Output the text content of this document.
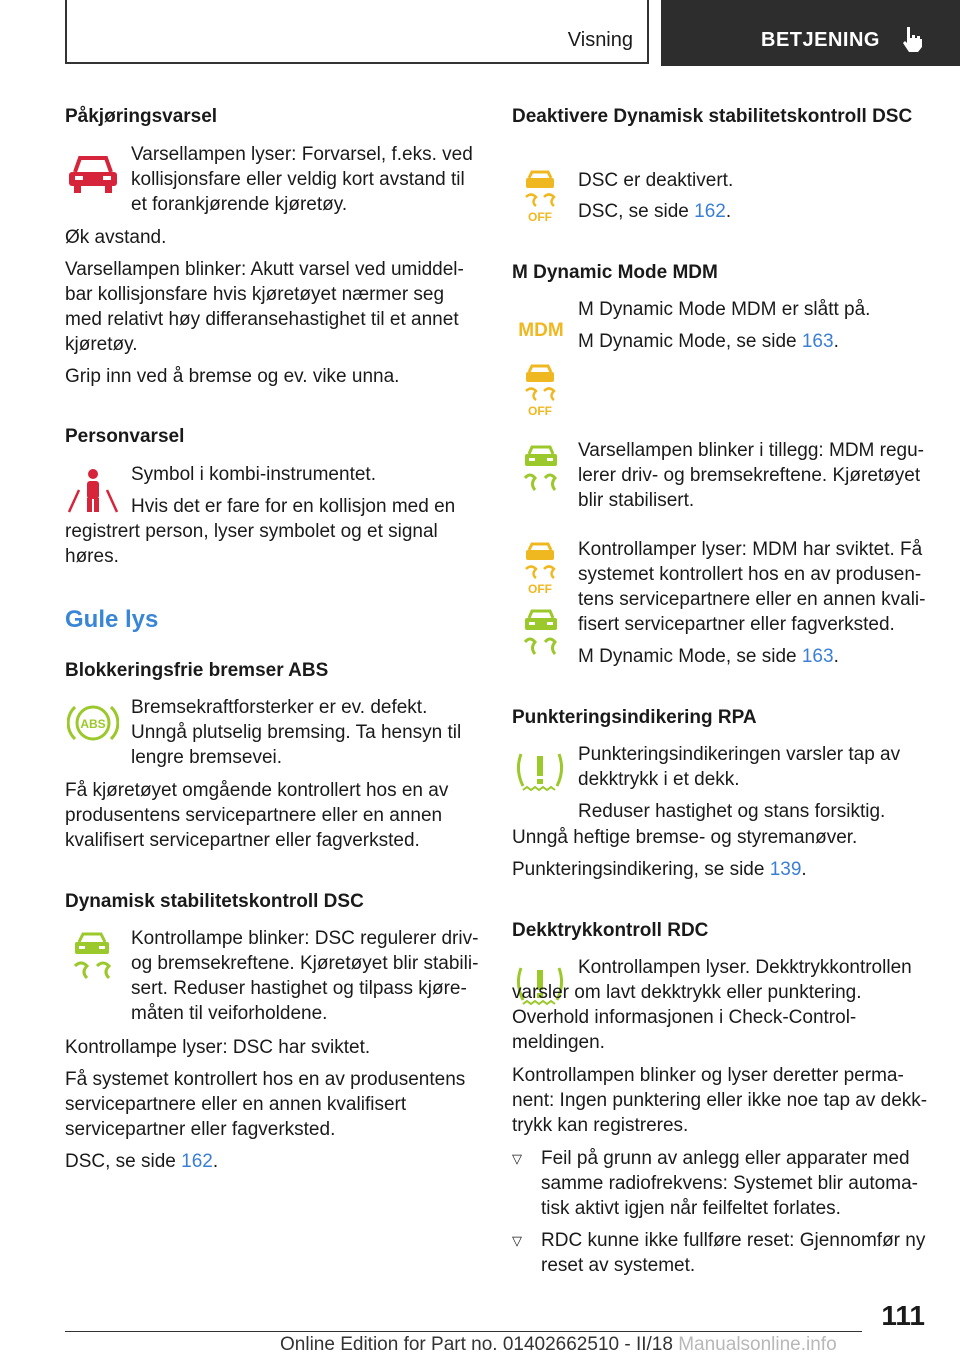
Visning	BETJENING
Påkjøringsvarsel
Varsellampen lyser: Forvarsel, f.eks. ved kollisjonsfare eller veldig kort avstand til et forankjørende kjøretøy.
Øk avstand.
Varsellampen blinker: Akutt varsel ved umiddelbar kollisjonsfare hvis kjøretøyet nærmer seg med relativt høy differansehastighet til et annet kjøretøy.
Grip inn ved å bremse og ev. vike unna.
Personvarsel
Symbol i kombi-instrumentet.
Hvis det er fare for en kollisjon med en registrert person, lyser symbolet og et signal høres.
Gule lys
Blokkeringsfrie bremser ABS
ABS
Bremsekraftforsterker er ev. defekt. Unngå plutselig bremsing. Ta hensyn til lengre bremsevei.
Få kjøretøyet omgående kontrollert hos en av produsentens servicepartnere eller en annen kvalifisert servicepartner eller fagverksted.
Dynamisk stabilitetskontroll DSC
Kontrollampe blinker: DSC regulerer driv- og bremsekreftene. Kjøretøyet blir stabilisert. Reduser hastighet og tilpass kjøremåten til veiforholdene.
Kontrollampe lyser: DSC har sviktet.
Få systemet kontrollert hos en av produsentens servicepartnere eller en annen kvalifisert servicepartner eller fagverksted.
DSC, se side 162.
Deaktivere Dynamisk stabilitetskontroll DSC
OFF
DSC er deaktivert.
DSC, se side 162.
M Dynamic Mode MDM
MDM
OFF
M Dynamic Mode MDM er slått på.
M Dynamic Mode, se side 163.
Varsellampen blinker i tillegg: MDM regulerer driv- og bremsekreftene. Kjøretøyet blir stabilisert.
OFF
Kontrollamper lyser: MDM har sviktet. Få systemet kontrollert hos en av produsentens servicepartnere eller en annen kvalifisert servicepartner eller fagverksted.
M Dynamic Mode, se side 163.
Punkteringsindikering RPA
Punkteringsindikeringen varsler tap av dekktrykk i et dekk.
Reduser hastighet og stans forsiktig.
Unngå heftige bremse- og styremanøver.
Punkteringsindikering, se side 139.
Dekktrykkontroll RDC
Kontrollampen lyser. Dekktrykkontrollen varsler om lavt dekktrykk eller punktering. Overhold informasjonen i Check-Control-meldingen.
Kontrollampen blinker og lyser deretter permanent: Ingen punktering eller ikke noe tap av dekktrykk kan registreres.
▽ Feil på grunn av anlegg eller apparater med samme radiofrekvens: Systemet blir automatisk aktivt igjen når feilfeltet forlates.
▽ RDC kunne ikke fullføre reset: Gjennomfør ny reset av systemet.
111
Online Edition for Part no. 01402662510 - II/18 Manualsonline.info
